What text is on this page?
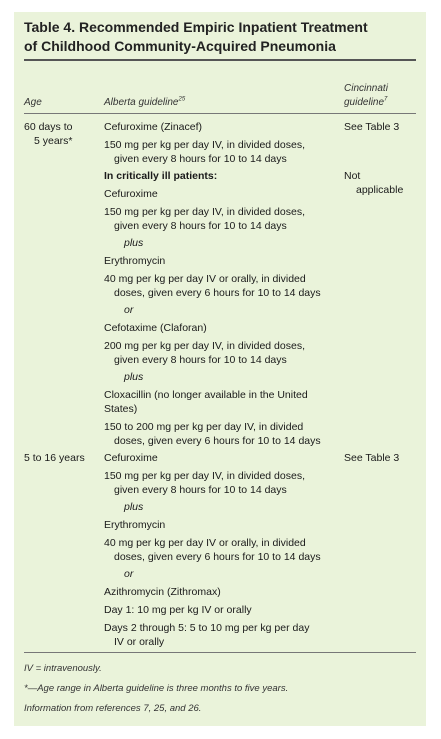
Table 4. Recommended Empiric Inpatient Treatment
of Childhood Community-Acquired Pneumonia
Age	Alberta guideline$^{25}$
Cincinnati
guideline$^7$
60 days to
5 years*
See Table 3
Not
applicable
Cefuroxime (Zinacef)
150 mg per kg per day IV, in divided doses,
given every 8 hours for 10 to 14 days
In critically ill patients:
Cefuroxime
150 mg per kg per day IV, in divided doses,
given every 8 hours for 10 to 14 days
plus
Erythromycin
40 mg per kg per day IV or orally, in divided
doses, given every 6 hours for 10 to 14 days
or
Cefotaxime (Claforan)
200 mg per kg per day IV, in divided doses,
given every 8 hours for 10 to 14 days
plus
Cloxacillin (no longer available in the United
States)
150 to 200 mg per kg per day IV, in divided
doses, given every 6 hours for 10 to 14 days
5 to 16 years	See Table 3
Cefuroxime
150 mg per kg per day IV, in divided doses,
given every 8 hours for 10 to 14 days
plus
Erythromycin
40 mg per kg per day IV or orally, in divided
doses, given every 6 hours for 10 to 14 days
or
Azithromycin (Zithromax)
Day 1: 10 mg per kg IV or orally
Days 2 through 5: 5 to 10 mg per kg per day
IV or orally
IV = intravenously.
*—Age range in Alberta guideline is three months to five years.
Information from references 7, 25, and 26.
